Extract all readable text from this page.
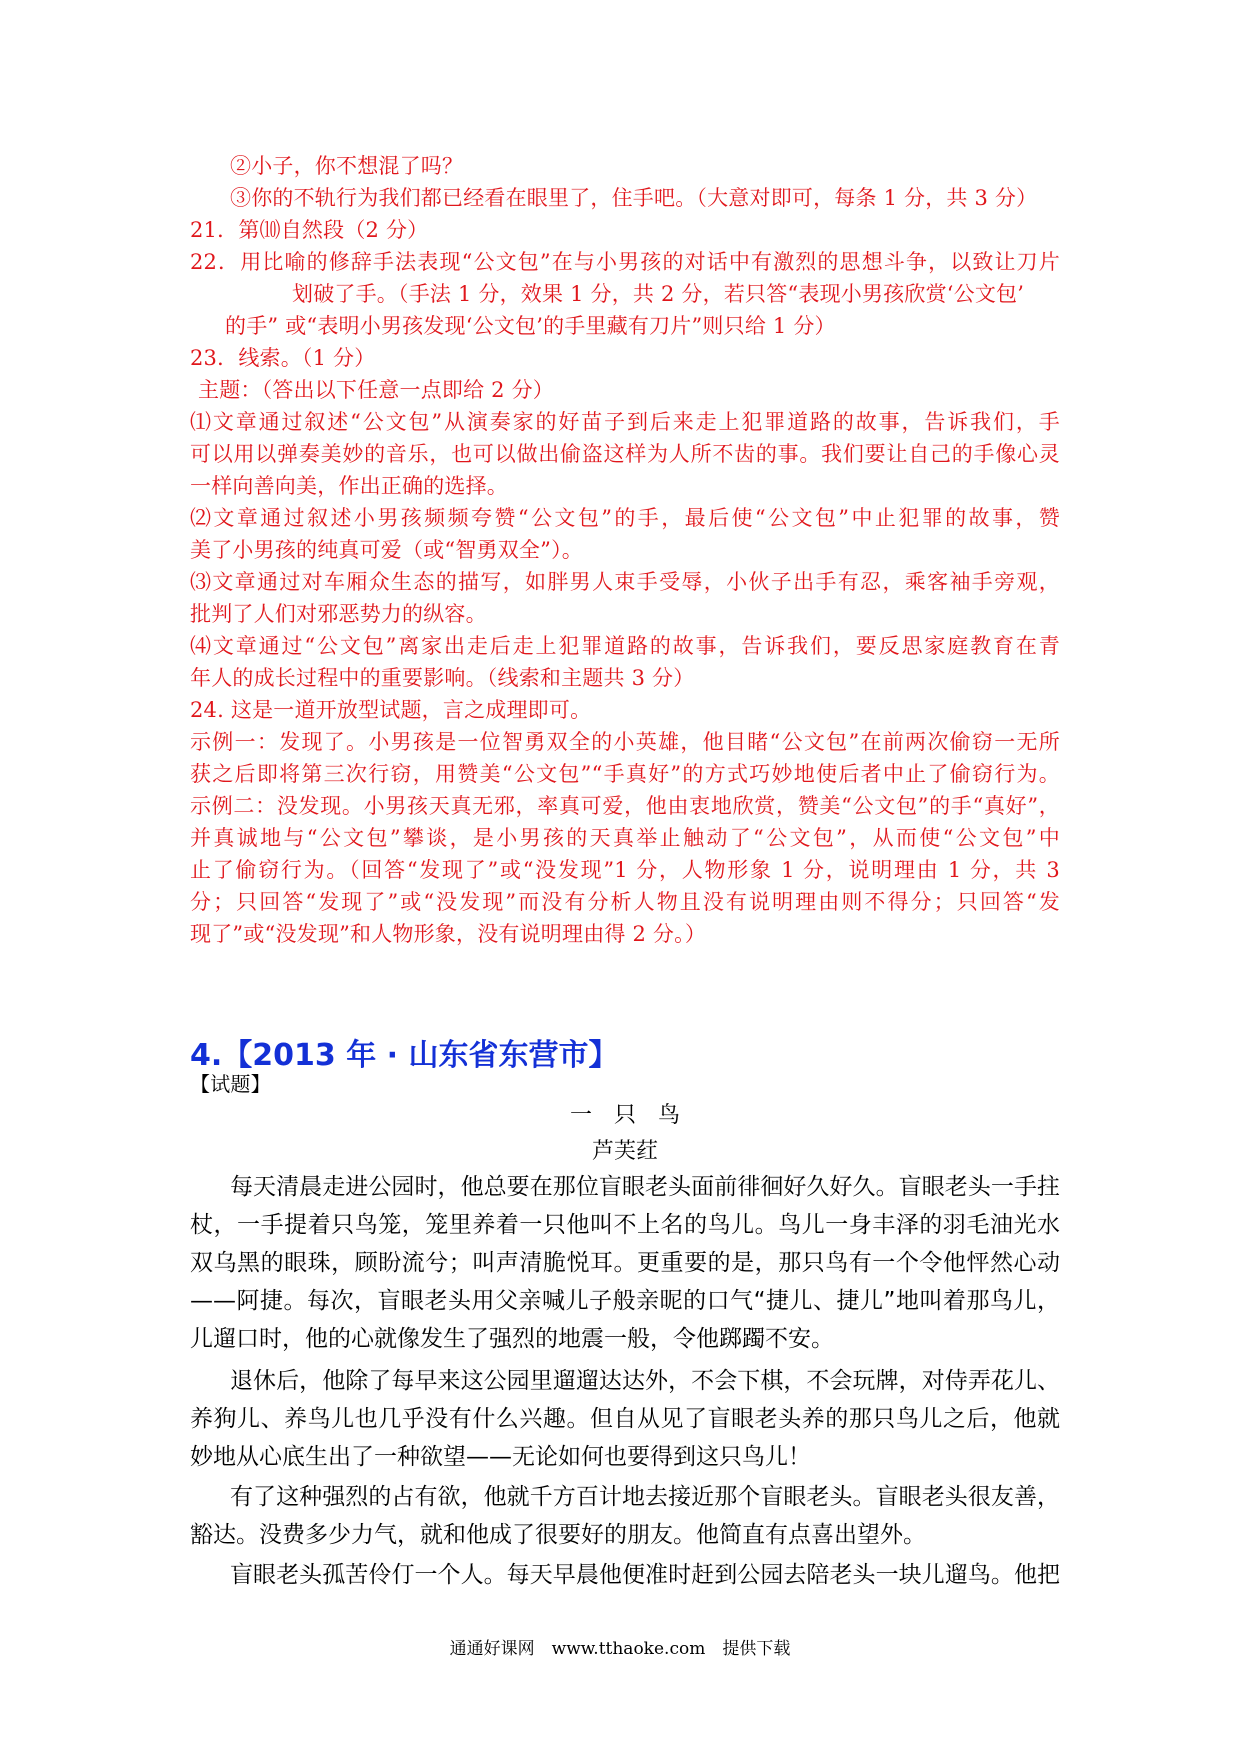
②小子，你不想混了吗？
③你的不轨行为我们都已经看在眼里了，住手吧。（大意对即可，每条 1 分，共 3 分）
21．第⑽自然段（2 分）
22．用比喻的修辞手法表现“公文包”在与小男孩的对话中有激烈的思想斗争，以致让刀片
划破了手。（手法 1 分，效果 1 分，共 2 分，若只答“表现小男孩欣赏‘公文包’
的手” 或“表明小男孩发现‘公文包’的手里藏有刀片”则只给 1 分）
23．线索。（1 分）
主题：（答出以下任意一点即给 2 分）
⑴文章通过叙述“公文包”从演奏家的好苗子到后来走上犯罪道路的故事，告诉我们，手
可以用以弹奏美妙的音乐，也可以做出偷盗这样为人所不齿的事。我们要让自己的手像心灵
一样向善向美，作出正确的选择。
⑵文章通过叙述小男孩频频夸赞“公文包”的手，最后使“公文包”中止犯罪的故事，赞
美了小男孩的纯真可爱（或“智勇双全”）。
⑶文章通过对车厢众生态的描写，如胖男人束手受辱，小伙子出手有忍，乘客袖手旁观，
批判了人们对邪恶势力的纵容。
⑷文章通过“公文包”离家出走后走上犯罪道路的故事，告诉我们，要反思家庭教育在青
年人的成长过程中的重要影响。（线索和主题共 3 分）
24. 这是一道开放型试题，言之成理即可。
示例一：发现了。小男孩是一位智勇双全的小英雄，他目睹“公文包”在前两次偷窃一无所
获之后即将第三次行窃，用赞美“公文包”“手真好”的方式巧妙地使后者中止了偷窃行为。
示例二：没发现。小男孩天真无邪，率真可爱，他由衷地欣赏，赞美“公文包”的手“真好”，
并真诚地与“公文包”攀谈，是小男孩的天真举止触动了“公文包”，从而使“公文包”中
止了偷窃行为。（回答“发现了”或“没发现”1 分，人物形象 1 分，说明理由 1 分，共 3
分；只回答“发现了”或“没发现”而没有分析人物且没有说明理由则不得分；只回答“发
现了”或“没发现”和人物形象，没有说明理由得 2 分。）
4.【2013 年 · 山东省东营市】
【试题】
一　只　鸟
芦芙荭
每天清晨走进公园时，他总要在那位盲眼老头面前徘徊好久好久。盲眼老头一手拄
杖，一手提着只鸟笼，笼里养着一只他叫不上名的鸟儿。鸟儿一身丰泽的羽毛油光水
双乌黑的眼珠，顾盼流兮；叫声清脆悦耳。更重要的是，那只鸟有一个令他怦然心动
——阿捷。每次，盲眼老头用父亲喊儿子般亲昵的口气“捷儿、捷儿”地叫着那鸟儿，
儿遛口时，他的心就像发生了强烈的地震一般，令他踯躅不安。
退休后，他除了每早来这公园里遛遛达达外，不会下棋，不会玩牌，对侍弄花儿、
养狗儿、养鸟儿也几乎没有什么兴趣。但自从见了盲眼老头养的那只鸟儿之后，他就
妙地从心底生出了一种欲望——无论如何也要得到这只鸟儿！
有了这种强烈的占有欲，他就千方百计地去接近那个盲眼老头。盲眼老头很友善，
豁达。没费多少力气，就和他成了很要好的朋友。他简直有点喜出望外。
盲眼老头孤苦伶仃一个人。每天早晨他便准时赶到公园去陪老头一块儿遛鸟。他把
通通好课网　www.tthaoke.com　提供下载
